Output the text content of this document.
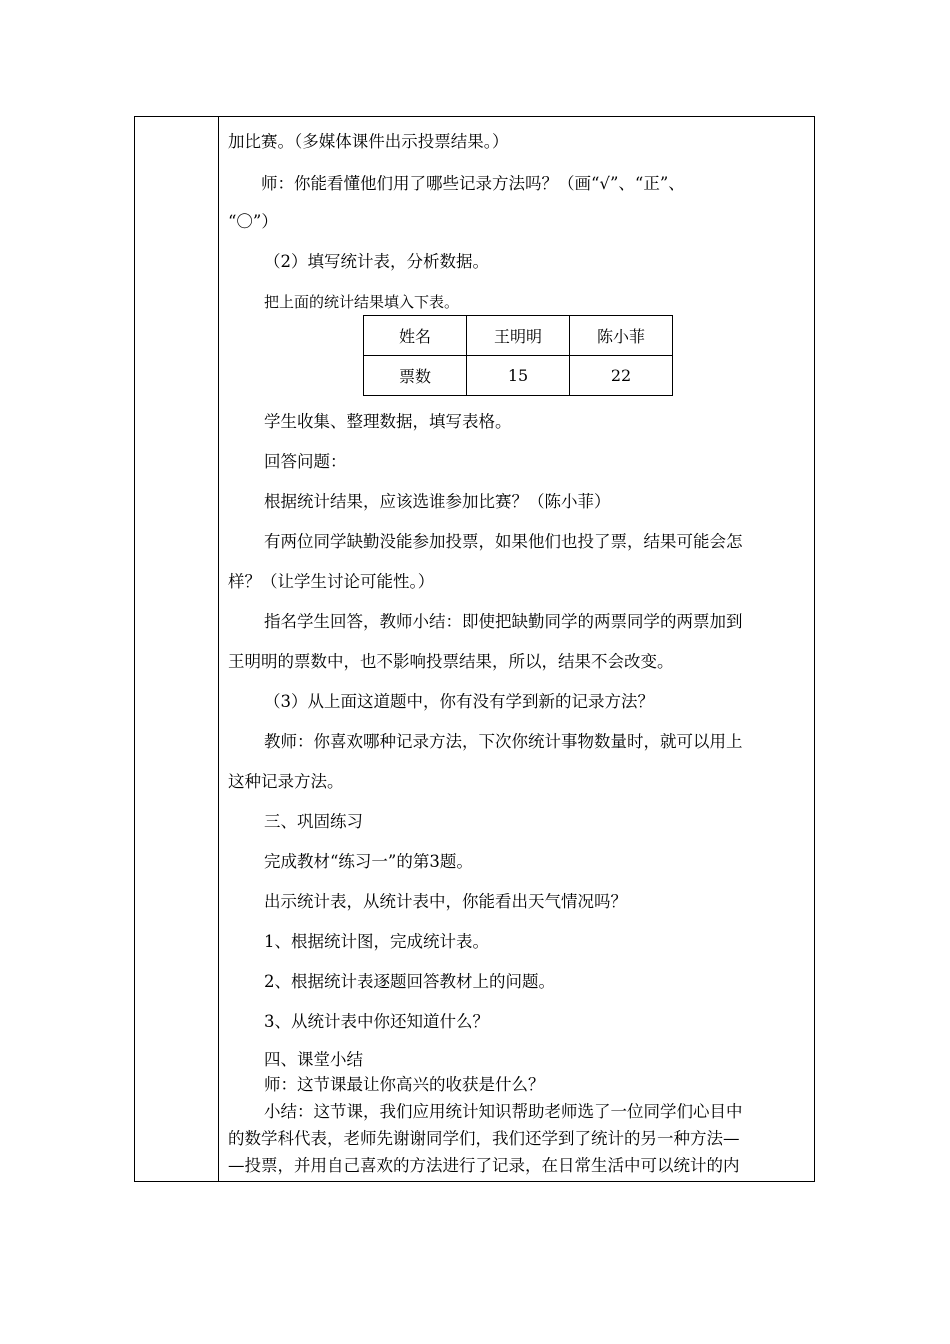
加比赛。（多媒体课件出示投票结果。）
师：你能看懂他们用了哪些记录方法吗？（画“√”、“正”、
“〇”）
（2）填写统计表，分析数据。
把上面的统计结果填入下表。
姓名	王明明	陈小菲
票数	15	22
学生收集、整理数据，填写表格。
回答问题：
根据统计结果，应该选谁参加比赛？（陈小菲）
有两位同学缺勤没能参加投票，如果他们也投了票，结果可能会怎
样？（让学生讨论可能性。）
指名学生回答，教师小结：即使把缺勤同学的两票同学的两票加到
王明明的票数中，也不影响投票结果，所以，结果不会改变。
（3）从上面这道题中，你有没有学到新的记录方法？
教师：你喜欢哪种记录方法，下次你统计事物数量时，就可以用上
这种记录方法。
三、巩固练习
完成教材“练习一”的第3题。
出示统计表，从统计表中，你能看出天气情况吗？
1、根据统计图，完成统计表。
2、根据统计表逐题回答教材上的问题。
3、从统计表中你还知道什么？
四、课堂小结
师：这节课最让你高兴的收获是什么？
小结：这节课，我们应用统计知识帮助老师选了一位同学们心目中
的数学科代表，老师先谢谢同学们，我们还学到了统计的另一种方法—
—投票，并用自己喜欢的方法进行了记录，在日常生活中可以统计的内
